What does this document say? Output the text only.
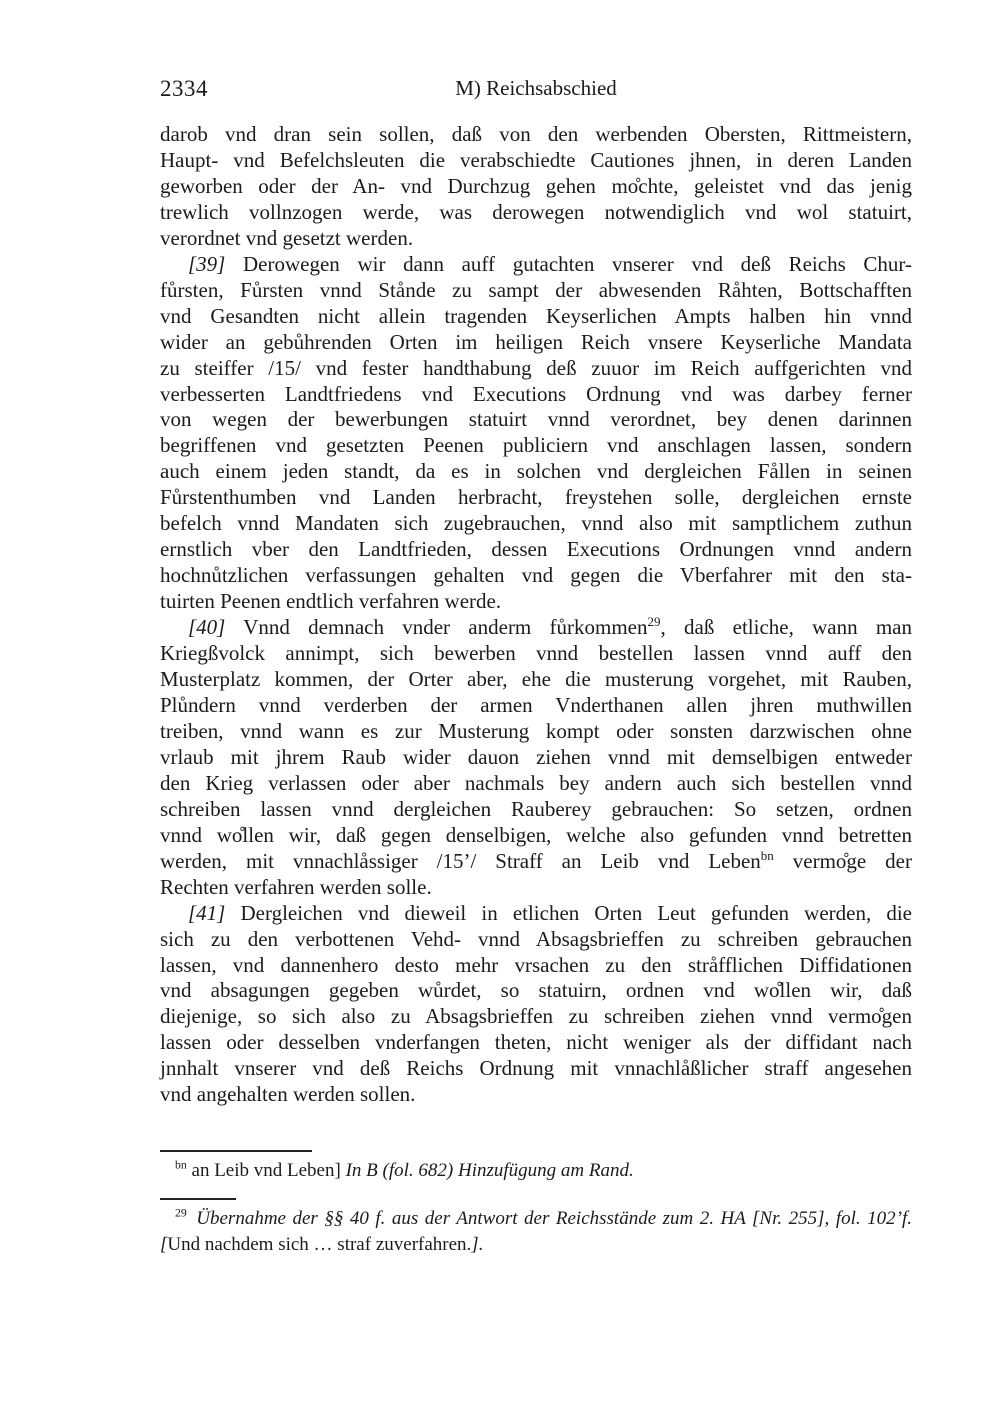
2334	M) Reichsabschied
darob vnd dran sein sollen, daß von den werbenden Obersten, Rittmeistern,
Haupt- vnd Befelchsleuten die verabschiedte Cautiones jhnen, in deren Landen
geworben oder der An- vnd Durchzug gehen mo̊chte, geleistet vnd das jenig
trewlich vollnzogen werde, was derowegen notwendiglich vnd wol statuirt,
verordnet vnd gesetzt werden.
[39] Derowegen wir dann auff gutachten vnserer vnd deß Reichs Chur-
fůrsten, Fůrsten vnnd Stånde zu sampt der abwesenden Råhten, Bottschafften
vnd Gesandten nicht allein tragenden Keyserlichen Ampts halben hin vnnd
wider an gebůhrenden Orten im heiligen Reich vnsere Keyserliche Mandata
zu steiffer /15/ vnd fester handthabung deß zuuor im Reich auffgerichten vnd
verbesserten Landtfriedens vnd Executions Ordnung vnd was darbey ferner
von wegen der bewerbungen statuirt vnnd verordnet, bey denen darinnen
begriffenen vnd gesetzten Peenen publiciern vnd anschlagen lassen, sondern
auch einem jeden standt, da es in solchen vnd dergleichen Fållen in seinen
Fůrstenthumben vnd Landen herbracht, freystehen solle, dergleichen ernste
befelch vnnd Mandaten sich zugebrauchen, vnnd also mit samptlichem zuthun
ernstlich vber den Landtfrieden, dessen Executions Ordnungen vnnd andern
hochnůtzlichen verfassungen gehalten vnd gegen die Vberfahrer mit den sta-
tuirten Peenen endtlich verfahren werde.
[40] Vnnd demnach vnder anderm fůrkommen$^{29}$, daß etliche, wann man
Kriegßvolck annimpt, sich bewerben vnnd bestellen lassen vnnd auff den
Musterplatz kommen, der Orter aber, ehe die musterung vorgehet, mit Rauben,
Plůndern vnnd verderben der armen Vnderthanen allen jhren muthwillen
treiben, vnnd wann es zur Musterung kompt oder sonsten darzwischen ohne
vrlaub mit jhrem Raub wider dauon ziehen vnnd mit demselbigen entweder
den Krieg verlassen oder aber nachmals bey andern auch sich bestellen vnnd
schreiben lassen vnnd dergleichen Rauberey gebrauchen: So setzen, ordnen
vnnd wo̊llen wir, daß gegen denselbigen, welche also gefunden vnnd betretten
werden, mit vnnachlåssiger /15’/ Straff an Leib vnd Leben$^{bn}$ vermo̊ge der
Rechten verfahren werden solle.
[41] Dergleichen vnd dieweil in etlichen Orten Leut gefunden werden, die
sich zu den verbottenen Vehd- vnnd Absagsbrieffen zu schreiben gebrauchen
lassen, vnd dannenhero desto mehr vrsachen zu den stråfflichen Diffidationen
vnd absagungen gegeben wůrdet, so statuirn, ordnen vnd wo̊llen wir, daß
diejenige, so sich also zu Absagsbrieffen zu schreiben ziehen vnnd vermo̊gen
lassen oder desselben vnderfangen theten, nicht weniger als der diffidant nach
jnnhalt vnserer vnd deß Reichs Ordnung mit vnnachlåßlicher straff angesehen
vnd angehalten werden sollen.
$^{bn}$ an Leib vnd Leben] In B (fol. 682) Hinzufügung am Rand.
$^{29}$  Übernahme der §§ 40 f. aus der Antwort der Reichsstände zum 2. HA [Nr. 255], fol. 102’f.
[Und nachdem sich … straf zuverfahren.].
